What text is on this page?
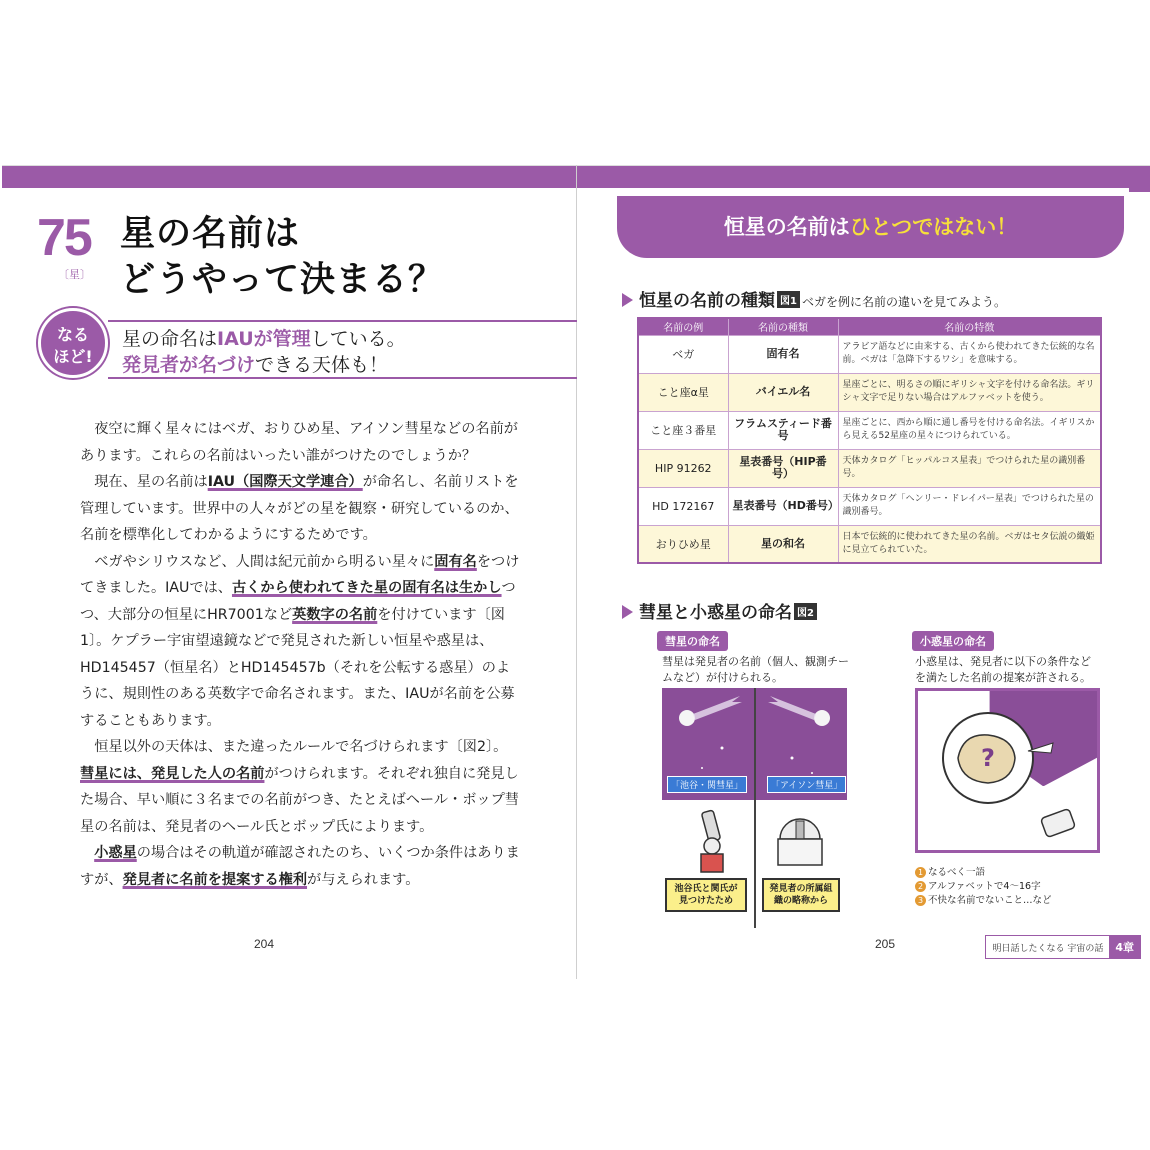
75
〔星〕
星の名前は
どうやって決まる？
なる
ほど!
星の命名はIAUが管理している。
発見者が名づけできる天体も！

夜空に輝く星々にはベガ、おりひめ星、アイソン彗星などの名前があります。これらの名前はいったい誰がつけたのでしょうか？

現在、星の名前はIAU（国際天文学連合）が命名し、名前リストを管理しています。世界中の人々がどの星を観察・研究しているのか、名前を標準化してわかるようにするためです。

ベガやシリウスなど、人間は紀元前から明るい星々に固有名をつけてきました。IAUでは、古くから使われてきた星の固有名は生かしつつ、大部分の恒星にHR7001など英数字の名前を付けています〔図1〕。ケプラー宇宙望遠鏡などで発見された新しい恒星や惑星は、HD145457（恒星名）とHD145457b（それを公転する惑星）のように、規則性のある英数字で命名されます。また、IAUが名前を公募することもあります。

恒星以外の天体は、また違ったルールで名づけられます〔図2〕。彗星には、発見した人の名前がつけられます。それぞれ独自に発見した場合、早い順に３名までの名前がつき、たとえばヘール・ボップ彗星の名前は、発見者のヘール氏とボップ氏によります。

小惑星の場合はその軌道が確認されたのち、いくつか条件はありますが、発見者に名前を提案する権利が与えられます。

204
恒星の名前はひとつではない！
恒星の名前の種類 図1 ベガを例に名前の違いを見てみよう。
名前の例	名前の種類	名前の特徴
ベガ	固有名	アラビア語などに由来する、古くから使われてきた伝統的な名前。ベガは「急降下するワシ」を意味する。
こと座α星	バイエル名	星座ごとに、明るさの順にギリシャ文字を付ける命名法。ギリシャ文字で足りない場合はアルファベットを使う。
こと座３番星	フラムスティード番号	星座ごとに、西から順に通し番号を付ける命名法。イギリスから見える52星座の星々につけられている。
HIP 91262	星表番号（HIP番号）	天体カタログ「ヒッパルコス星表」でつけられた星の識別番号。
HD 172167	星表番号（HD番号）	天体カタログ「ヘンリー・ドレイパー星表」でつけられた星の識別番号。
おりひめ星	星の和名	日本で伝統的に使われてきた星の名前。ベガはセタ伝説の織姫に見立てられていた。
彗星と小惑星の命名 図2
彗星の命名	小惑星の命名
彗星は発見者の名前（個人、観測チームなど）が付けられる。
小惑星は、発見者に以下の条件などを満たした名前の提案が許される。
「池谷・関彗星」	「アイソン彗星」
池谷氏と関氏が見つけたため
発見者の所属組織の略称から
?
1 なるべく一語
2 アルファベットで4〜16字
3 不快な名前でないこと…など
205	明日話したくなる 宇宙の話	4章
